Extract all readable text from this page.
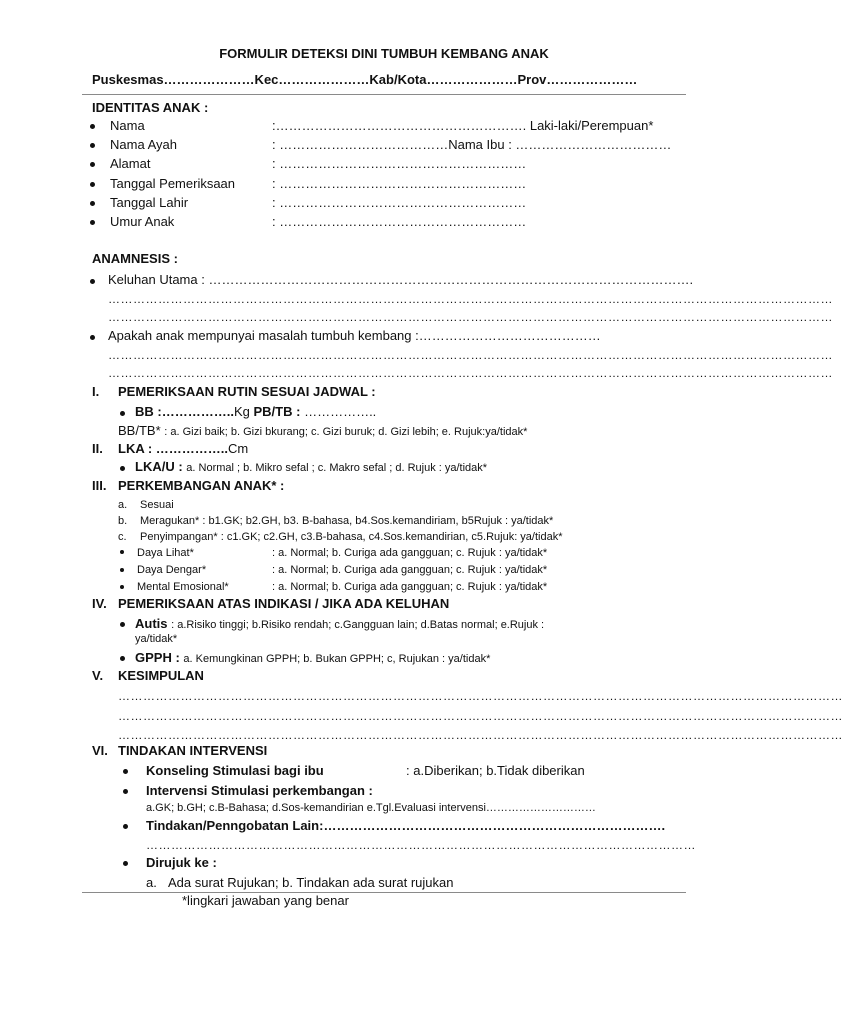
FORMULIR DETEKSI DINI TUMBUH KEMBANG ANAK
Puskesmas…………………Kec…………………Kab/Kota…………………Prov…………………
IDENTITAS ANAK :
Nama	:…………………………………………………. Laki-laki/Perempuan*
Nama Ayah	: …………………………………Nama Ibu : ………………………………
Alamat	: …………………………………………………
Tanggal Pemeriksaan	: …………………………………………………
Tanggal Lahir	: …………………………………………………
Umur Anak	: …………………………………………………
ANAMNESIS :
Keluhan Utama : ………………………………………………………………………………………………….
…………………………………………………………………………………………………………………………………………………………
…………………………………………………………………………………………………………………………………………………………
Apakah anak mempunyai masalah tumbuh kembang :……………………………………
…………………………………………………………………………………………………………………………………………………………
…………………………………………………………………………………………………………………………………………………………
I. PEMERIKSAAN RUTIN SESUAI JADWAL :
BB :……………..Kg PB/TB : ……………..
BB/TB* : a. Gizi baik; b. Gizi bkurang; c. Gizi buruk; d. Gizi lebih; e. Rujuk:ya/tidak*
II. LKA : ……………..Cm
LKA/U : a. Normal ; b. Mikro sefal ; c. Makro sefal ; d. Rujuk : ya/tidak*
III. PERKEMBANGAN ANAK* :
a. Sesuai
b. Meragukan* : b1.GK; b2.GH, b3. B-bahasa, b4.Sos.kemandiriam, b5Rujuk : ya/tidak*
c. Penyimpangan* : c1.GK; c2.GH, c3.B-bahasa, c4.Sos.kemandirian, c5.Rujuk: ya/tidak*
Daya Lihat*	: a. Normal; b. Curiga ada gangguan; c. Rujuk : ya/tidak*
Daya Dengar*	: a. Normal; b. Curiga ada gangguan; c. Rujuk : ya/tidak*
Mental Emosional*	: a. Normal; b. Curiga ada gangguan; c. Rujuk : ya/tidak*
IV. PEMERIKSAAN ATAS INDIKASI / JIKA ADA KELUHAN
Autis : a.Risiko tinggi; b.Risiko rendah; c.Gangguan lain; d.Batas normal; e.Rujuk :
ya/tidak*
GPPH : a. Kemungkinan GPPH; b. Bukan GPPH; c, Rujukan : ya/tidak*
V. KESIMPULAN
…………………………………………………………………………………………………………………………………………………………
…………………………………………………………………………………………………………………………………………………………
…………………………………………………………………………………………………………………………………………………………
VI. TINDAKAN INTERVENSI
Konseling Stimulasi bagi ibu	: a.Diberikan; b.Tidak diberikan
Intervensi Stimulasi perkembangan :
a.GK; b.GH; c.B-Bahasa; d.Sos-kemandirian e.Tgl.Evaluasi intervensi…………………………
Tindakan/Penngobatan Lain:…………………………………………………………………….
……………………………………………………………………………………………………………………
Dirujuk ke :
a. Ada surat Rujukan; b. Tindakan ada surat rujukan
*lingkari jawaban yang benar
